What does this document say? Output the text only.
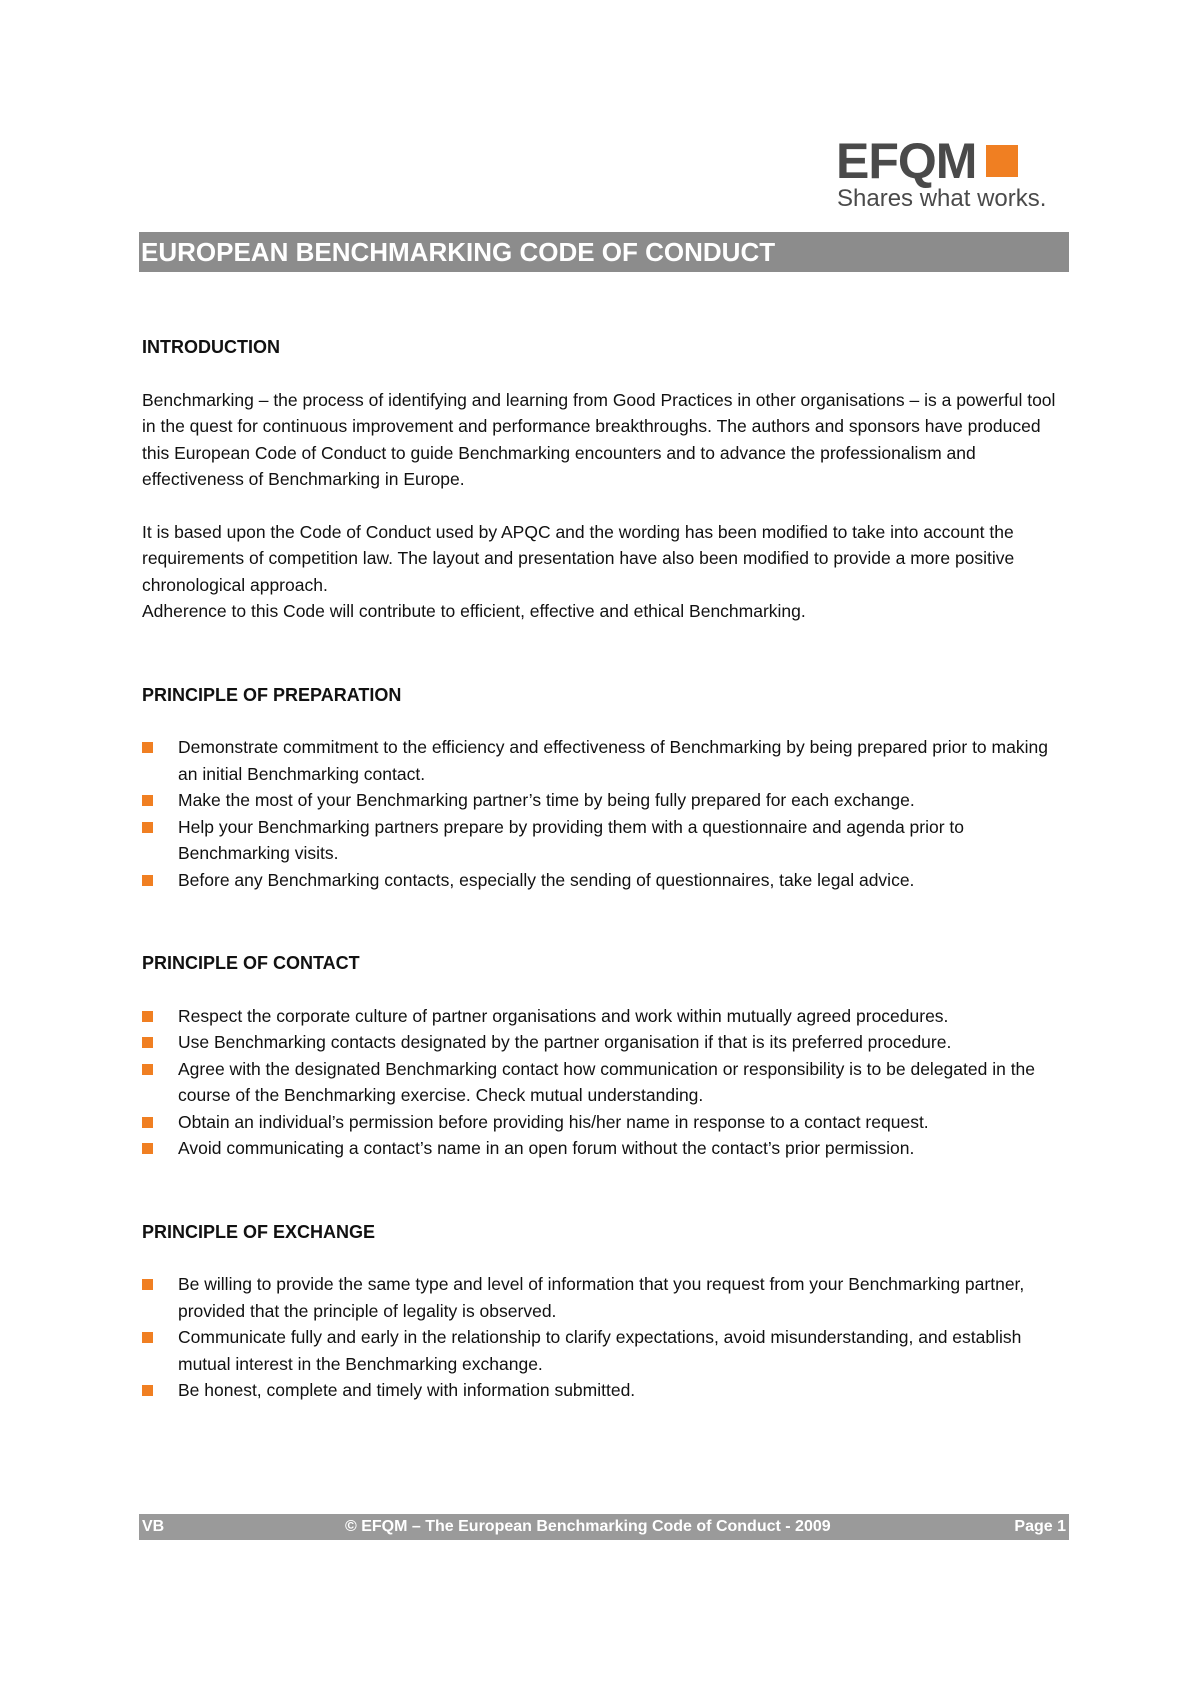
EFQM
Shares what works.
EUROPEAN BENCHMARKING CODE OF CONDUCT
INTRODUCTION

Benchmarking – the process of identifying and learning from Good Practices in other organisations – is a powerful tool in the quest for continuous improvement and performance breakthroughs. The authors and sponsors have produced this European Code of Conduct to guide Benchmarking encounters and to advance the professionalism and effectiveness of Benchmarking in Europe.

It is based upon the Code of Conduct used by APQC and the wording has been modified to take into account the requirements of competition law. The layout and presentation have also been modified to provide a more positive chronological approach.

Adherence to this Code will contribute to efficient, effective and ethical Benchmarking.

PRINCIPLE OF PREPARATION
Demonstrate commitment to the efficiency and effectiveness of Benchmarking by being prepared prior to making an initial Benchmarking contact.
Make the most of your Benchmarking partner’s time by being fully prepared for each exchange.
Help your Benchmarking partners prepare by providing them with a questionnaire and agenda prior to Benchmarking visits.
Before any Benchmarking contacts, especially the sending of questionnaires, take legal advice.
PRINCIPLE OF CONTACT
Respect the corporate culture of partner organisations and work within mutually agreed procedures.
Use Benchmarking contacts designated by the partner organisation if that is its preferred procedure.
Agree with the designated Benchmarking contact how communication or responsibility is to be delegated in the course of the Benchmarking exercise. Check mutual understanding.
Obtain an individual’s permission before providing his/her name in response to a contact request.
Avoid communicating a contact’s name in an open forum without the contact’s prior permission.
PRINCIPLE OF EXCHANGE
Be willing to provide the same type and level of information that you request from your Benchmarking partner, provided that the principle of legality is observed.
Communicate fully and early in the relationship to clarify expectations, avoid misunderstanding, and establish mutual interest in the Benchmarking exchange.
Be honest, complete and timely with information submitted.
VB	© EFQM – The European Benchmarking Code of Conduct - 2009	Page 1
